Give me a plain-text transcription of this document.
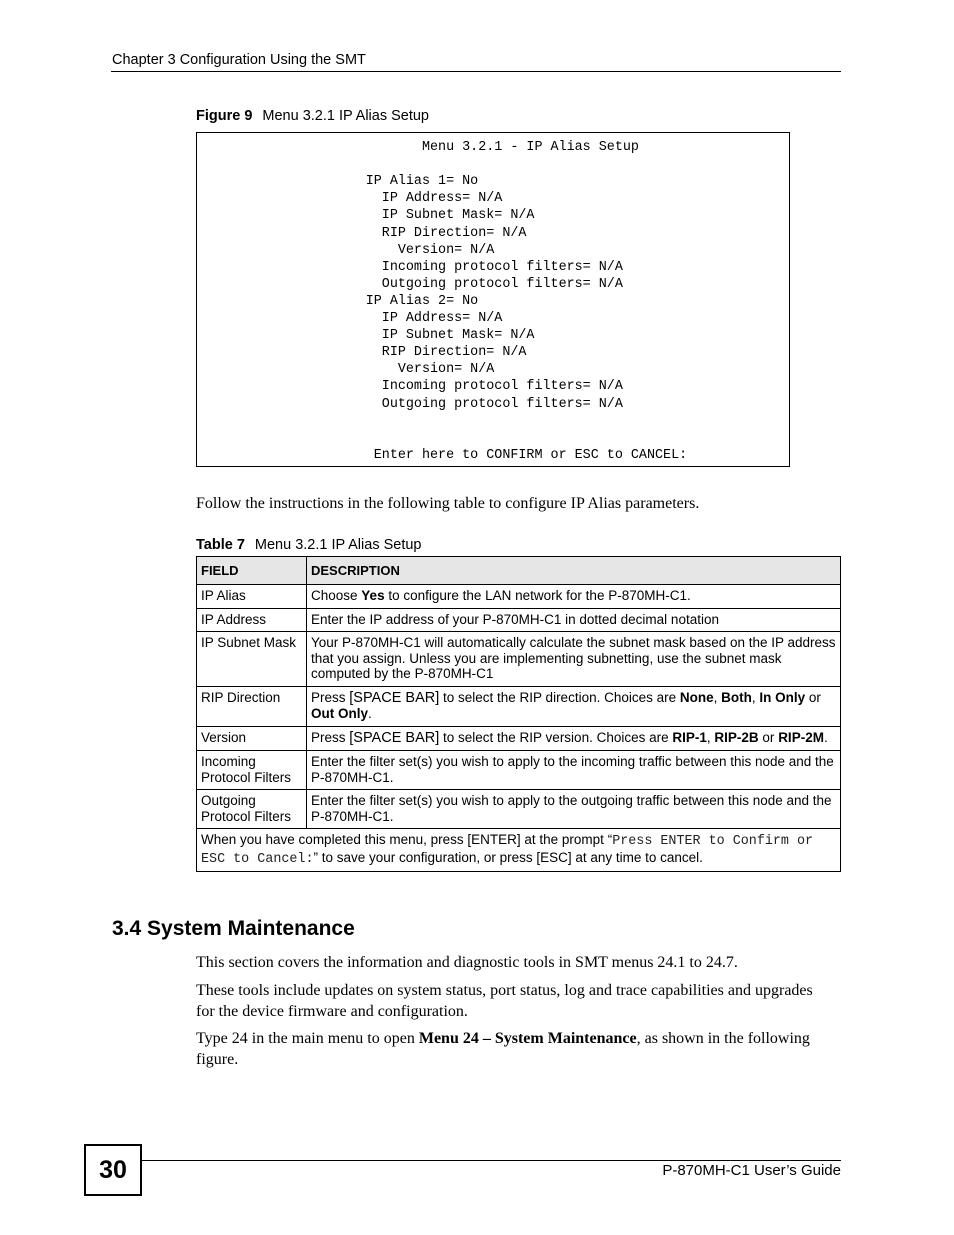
Chapter 3 Configuration Using the SMT
Figure 9 Menu 3.2.1 IP Alias Setup
Menu 3.2.1 - IP Alias Setup
IP Alias 1= No
IP Address= N/A
IP Subnet Mask= N/A
RIP Direction= N/A
Version= N/A
Incoming protocol filters= N/A
Outgoing protocol filters= N/A
IP Alias 2= No
IP Address= N/A
IP Subnet Mask= N/A
RIP Direction= N/A
Version= N/A
Incoming protocol filters= N/A
Outgoing protocol filters= N/A
Enter here to CONFIRM or ESC to CANCEL:
Follow the instructions in the following table to configure IP Alias parameters.
Table 7 Menu 3.2.1 IP Alias Setup
FIELD	DESCRIPTION
IP Alias	Choose Yes to configure the LAN network for the P-870MH-C1.
IP Address	Enter the IP address of your P-870MH-C1 in dotted decimal notation
IP Subnet Mask	Your P-870MH-C1 will automatically calculate the subnet mask based on the IP address that you assign. Unless you are implementing subnetting, use the subnet mask computed by the P-870MH-C1
RIP Direction	Press [SPACE BAR] to select the RIP direction. Choices are None, Both, In Only or Out Only.
Version	Press [SPACE BAR] to select the RIP version. Choices are RIP-1, RIP-2B or RIP-2M.
Incoming Protocol Filters	Enter the filter set(s) you wish to apply to the incoming traffic between this node and the P-870MH-C1.
Outgoing Protocol Filters	Enter the filter set(s) you wish to apply to the outgoing traffic between this node and the P-870MH-C1.
When you have completed this menu, press [ENTER] at the prompt “Press ENTER to Confirm or ESC to Cancel:” to save your configuration, or press [ESC] at any time to cancel.	
3.4 System Maintenance
This section covers the information and diagnostic tools in SMT menus 24.1 to 24.7.
These tools include updates on system status, port status, log and trace capabilities and upgrades for the device firmware and configuration.
Type 24 in the main menu to open Menu 24 – System Maintenance, as shown in the following figure.
30	P-870MH-C1 User’s Guide
